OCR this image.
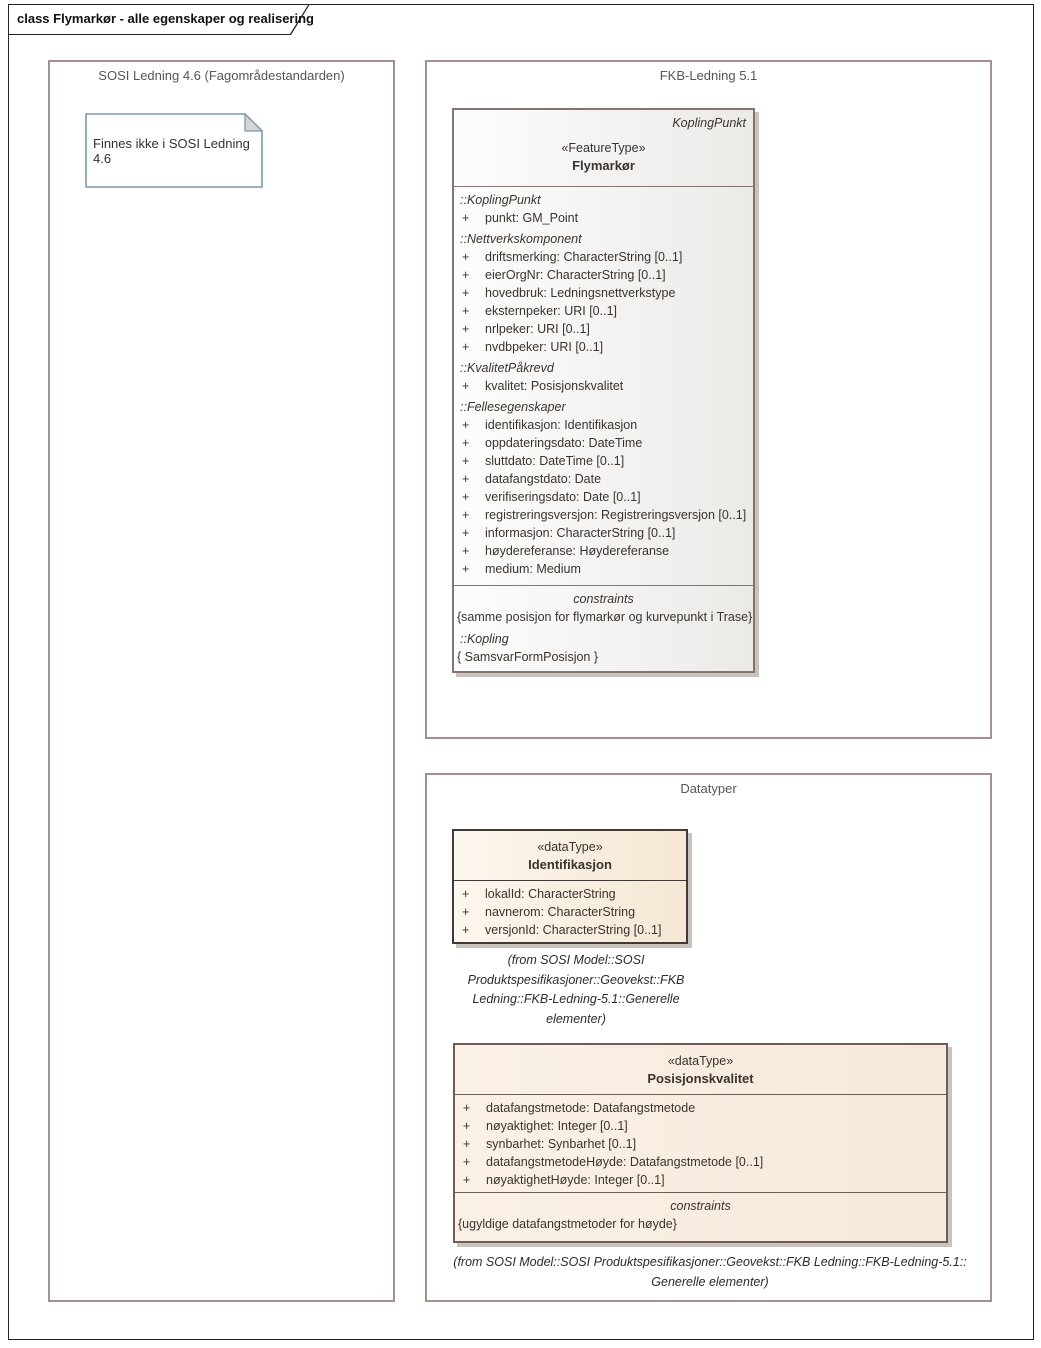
class Flymarkør - alle egenskaper og realisering
SOSI Ledning 4.6 (Fagområdestandarden)
Finnes ikke i SOSI Ledning 4.6
FKB-Ledning 5.1
KoplingPunkt
«FeatureType»
Flymarkør
::KoplingPunkt
+ punkt: GM_Point
::Nettverkskomponent
+ driftsmerking: CharacterString [0..1]
+ eierOrgNr: CharacterString [0..1]
+ hovedbruk: Ledningsnettverkstype
+ eksternpeker: URI [0..1]
+ nrlpeker: URI [0..1]
+ nvdbpeker: URI [0..1]
::KvalitetPåkrevd
+ kvalitet: Posisjonskvalitet
::Fellesegenskaper
+ identifikasjon: Identifikasjon
+ oppdateringsdato: DateTime
+ sluttdato: DateTime [0..1]
+ datafangstdato: Date
+ verifiseringsdato: Date [0..1]
+ registreringsversjon: Registreringsversjon [0..1]
+ informasjon: CharacterString [0..1]
+ høydereferanse: Høydereferanse
+ medium: Medium
constraints
{samme posisjon for flymarkør og kurvepunkt i Trase}
::Kopling
{ SamsvarFormPosisjon }
Datatyper
«dataType»
Identifikasjon
+ lokalId: CharacterString
+ navnerom: CharacterString
+ versjonId: CharacterString [0..1]
(from SOSI Model::SOSI
Produktspesifikasjoner::Geovekst::FKB
Ledning::FKB-Ledning-5.1::Generelle
elementer)
«dataType»
Posisjonskvalitet
+ datafangstmetode: Datafangstmetode
+ nøyaktighet: Integer [0..1]
+ synbarhet: Synbarhet [0..1]
+ datafangstmetodeHøyde: Datafangstmetode [0..1]
+ nøyaktighetHøyde: Integer [0..1]
constraints
{ugyldige datafangstmetoder for høyde}
(from SOSI Model::SOSI Produktspesifikasjoner::Geovekst::FKB Ledning::FKB-Ledning-5.1::
Generelle elementer)
